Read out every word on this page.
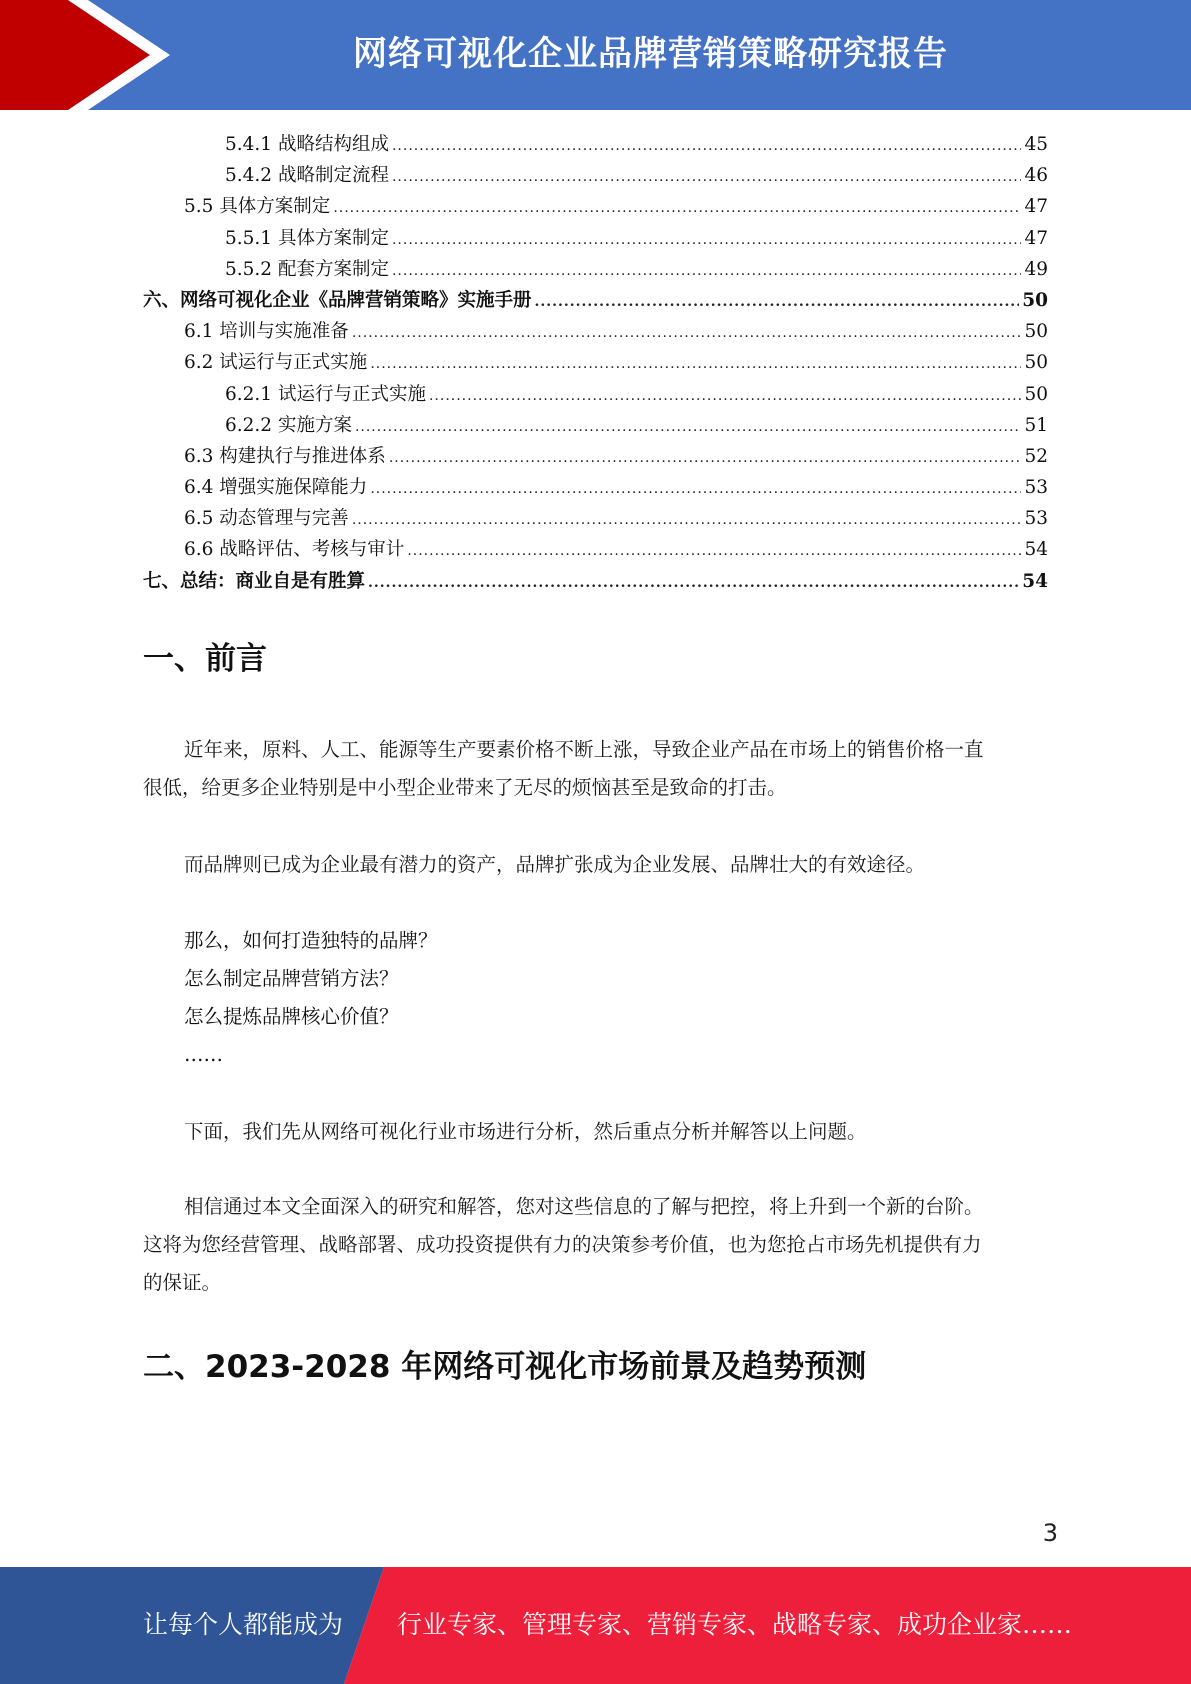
网络可视化企业品牌营销策略研究报告
5.4.1 战略结构组成 .....	45
5.4.2 战略制定流程 .....	46
5.5 具体方案制定 .....	47
5.5.1 具体方案制定 .....	47
5.5.2 配套方案制定 .....	49
六、网络可视化企业《品牌营销策略》实施手册 .....	50
6.1 培训与实施准备 .....	50
6.2 试运行与正式实施 .....	50
6.2.1 试运行与正式实施 .....	50
6.2.2 实施方案 .....	51
6.3 构建执行与推进体系 .....	52
6.4 增强实施保障能力 .....	53
6.5 动态管理与完善 .....	53
6.6 战略评估、考核与审计 .....	54
七、总结：商业自是有胜算 .....	54
一、前言
近年来，原料、人工、能源等生产要素价格不断上涨，导致企业产品在市场上的销售价格一直
很低，给更多企业特别是中小型企业带来了无尽的烦恼甚至是致命的打击。
而品牌则已成为企业最有潜力的资产，品牌扩张成为企业发展、品牌壮大的有效途径。
那么，如何打造独特的品牌？
怎么制定品牌营销方法？
怎么提炼品牌核心价值？
……
下面，我们先从网络可视化行业市场进行分析，然后重点分析并解答以上问题。
相信通过本文全面深入的研究和解答，您对这些信息的了解与把控，将上升到一个新的台阶。
这将为您经营管理、战略部署、成功投资提供有力的决策参考价值，也为您抢占市场先机提供有力
的保证。
二、2023-2028 年网络可视化市场前景及趋势预测
3
让每个人都能成为 行业专家、管理专家、营销专家、战略专家、成功企业家……
